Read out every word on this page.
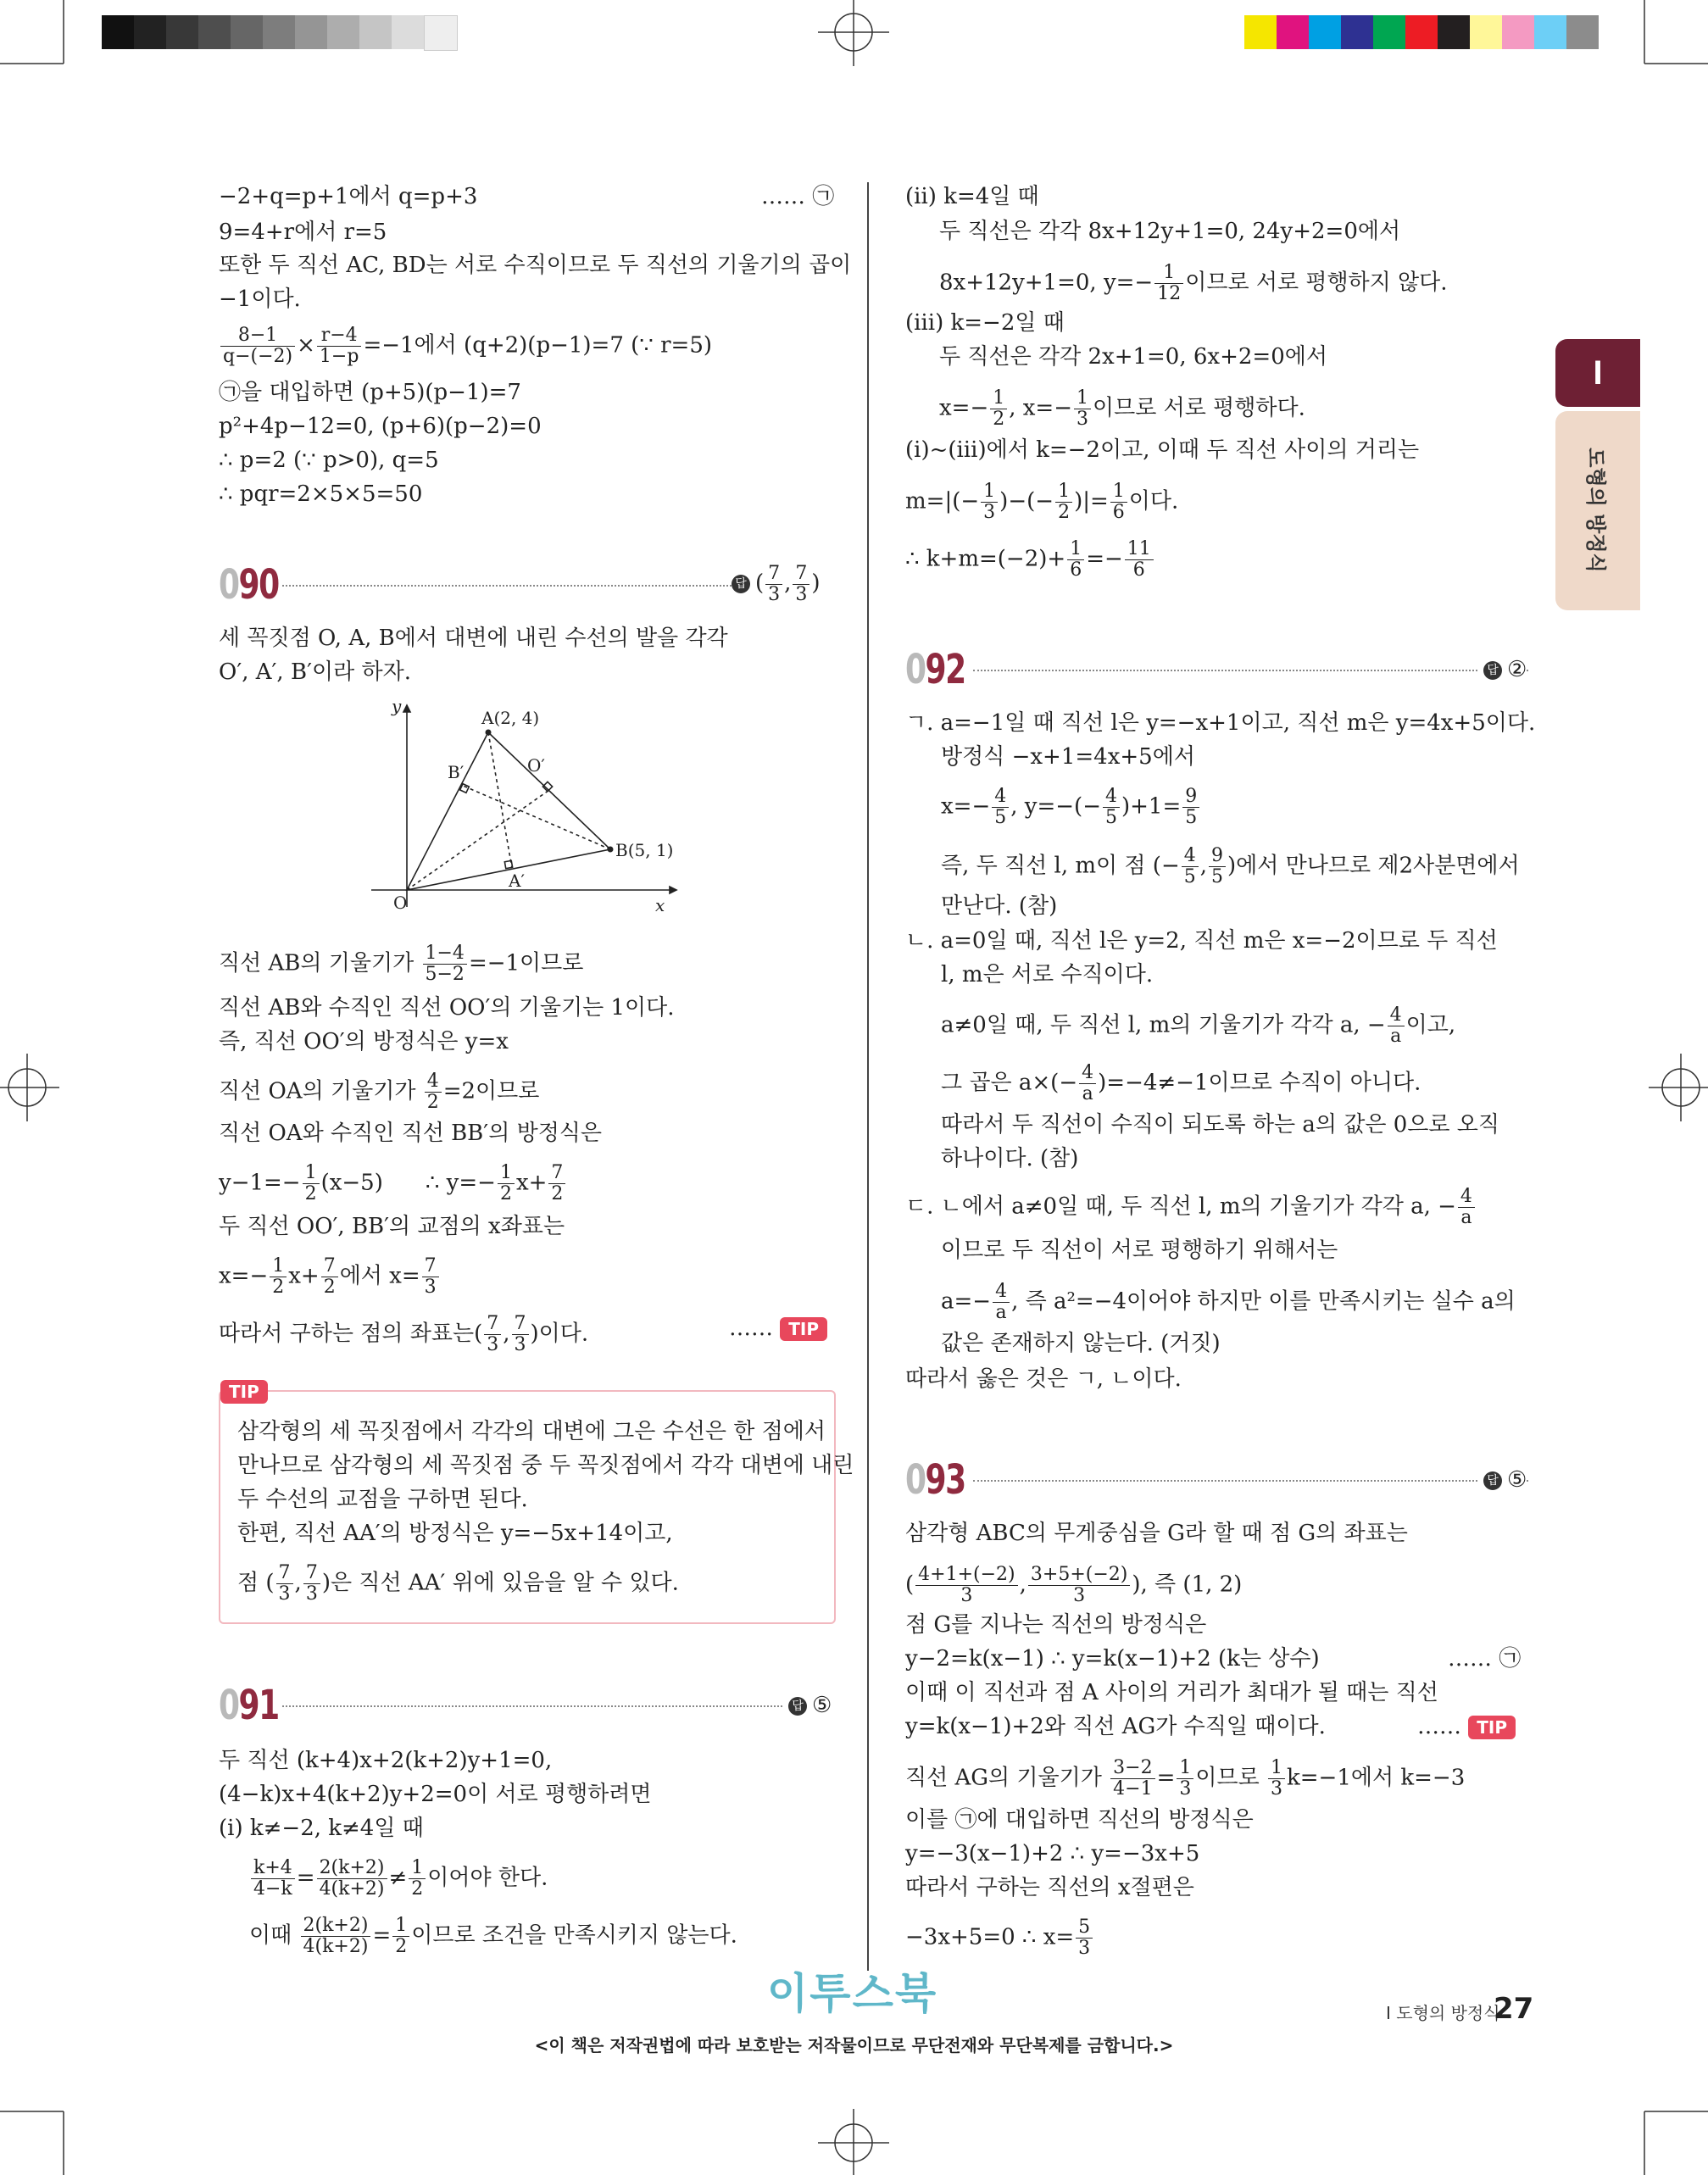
I
도형의 방정식
−2+q=p+1에서 q=p+3	…… ㉠
9=4+r에서 r=5
또한 두 직선 AC, BD는 서로 수직이므로 두 직선의 기울기의 곱이
−1이다.
$\frac{8-1}{q-(-2)} \times \frac{r-4}{1-p} =-1$에서 (q+2)(p−1)=7 (∵ r=5)
㉠을 대입하면 (p+5)(p−1)=7
p²+4p−12=0, (p+6)(p−2)=0
∴ p=2 (∵ p>0), q=5
∴ pqr=2×5×5=50
090	답 ( $\frac{7}{3}$ , $\frac{7}{3}$ )
세 꼭짓점 O, A, B에서 대변에 내린 수선의 발을 각각
O′, A′, B′이라 하자.
y
x
O
A(2, 4)
B(5, 1)
A′
B′	O′
직선 AB의 기울기가 $\frac{1-4}{5-2} =-1$이므로
직선 AB와 수직인 직선 OO′의 기울기는 1이다.
즉, 직선 OO′의 방정식은 y=x
직선 OA의 기울기가 $\frac{4}{2} =2$이므로
직선 OA와 수직인 직선 BB′의 방정식은
$y-1=- \frac{1}{2} (x-5)$ ∴ $y=- \frac{1}{2} x+ \frac{7}{2}$
두 직선 OO′, BB′의 교점의 x좌표는
$x=- \frac{1}{2} x+ \frac{7}{2}$ 에서 $x= \frac{7}{3}$
따라서 구하는 점의 좌표는( $\frac{7}{3}$ , $\frac{7}{3}$ )이다.	…… TIP
TIP
삼각형의 세 꼭짓점에서 각각의 대변에 그은 수선은 한 점에서
만나므로 삼각형의 세 꼭짓점 중 두 꼭짓점에서 각각 대변에 내린
두 수선의 교점을 구하면 된다.
한편, 직선 AA′의 방정식은 y=−5x+14이고,
점 ( $\frac{7}{3}$ , $\frac{7}{3}$ )은 직선 AA′ 위에 있음을 알 수 있다.
091	답 ⑤
두 직선 (k+4)x+2(k+2)y+1=0,
(4−k)x+4(k+2)y+2=0이 서로 평행하려면
(ⅰ) k≠−2, k≠4일 때
$\frac{k+4}{4-k} = \frac{2(k+2)}{4(k+2)} \ne \frac{1}{2}$ 이어야 한다.
이때 $\frac{2(k+2)}{4(k+2)} = \frac{1}{2}$ 이므로 조건을 만족시키지 않는다.
(ⅱ) k=4일 때
두 직선은 각각 8x+12y+1=0, 24y+2=0에서
8x+12y+1=0, $y=- \frac{1}{12}$ 이므로 서로 평행하지 않다.
(ⅲ) k=−2일 때
두 직선은 각각 2x+1=0, 6x+2=0에서
$x=- \frac{1}{2}$ , $x=- \frac{1}{3}$ 이므로 서로 평행하다.
(ⅰ)~(ⅲ)에서 k=−2이고, 이때 두 직선 사이의 거리는
$m=|(- \frac{1}{3}$ )−(− $\frac{1}{2}$ )|= $\frac{1}{6}$ 이다.
∴ $k+m=(-2)+ \frac{1}{6} =- \frac{11}{6}$
092	답 ②
ㄱ. a=−1일 때 직선 l은 y=−x+1이고, 직선 m은 y=4x+5이다.
방정식 −x+1=4x+5에서
$x=- \frac{4}{5}$ , $y=-(- \frac{4}{5} )+1= \frac{9}{5}$
즉, 두 직선 l, m이 점 (− $\frac{4}{5}$ , $\frac{9}{5}$ )에서 만나므로 제2사분면에서
만난다. (참)
ㄴ. a=0일 때, 직선 l은 y=2, 직선 m은 x=−2이므로 두 직선
l, m은 서로 수직이다.
a≠0일 때, 두 직선 l, m의 기울기가 각각 a, − $\frac{4}{a}$ 이고,
그 곱은 $a\times(- \frac{4}{a} )=-4\ne-1$이므로 수직이 아니다.
따라서 두 직선이 수직이 되도록 하는 a의 값은 0으로 오직
하나이다. (참)
ㄷ. ㄴ에서 a≠0일 때, 두 직선 l, m의 기울기가 각각 a, − $\frac{4}{a}$
이므로 두 직선이 서로 평행하기 위해서는
$a=- \frac{4}{a}$ , 즉 a²=−4이어야 하지만 이를 만족시키는 실수 a의
값은 존재하지 않는다. (거짓)
따라서 옳은 것은 ㄱ, ㄴ이다.
093	답 ⑤
삼각형 ABC의 무게중심을 G라 할 때 점 G의 좌표는
( $\frac{4+1+(-2)}{3}$ , $\frac{3+5+(-2)}{3}$ ), 즉 (1, 2)
점 G를 지나는 직선의 방정식은
y−2=k(x−1) ∴ y=k(x−1)+2 (k는 상수)	…… ㉠
이때 이 직선과 점 A 사이의 거리가 최대가 될 때는 직선
y=k(x−1)+2와 직선 AG가 수직일 때이다.	…… TIP
직선 AG의 기울기가 $\frac{3-2}{4-1} = \frac{1}{3}$ 이므로 $\frac{1}{3} k=-1$에서 k=−3
이를 ㉠에 대입하면 직선의 방정식은
y=−3(x−1)+2 ∴ y=−3x+5
따라서 구하는 직선의 x절편은
−3x+5=0 ∴ $x= \frac{5}{3}$
이투스북	I 도형의 방정식
27
<이 책은 저작권법에 따라 보호받는 저작물이므로 무단전재와 무단복제를 금합니다.>
